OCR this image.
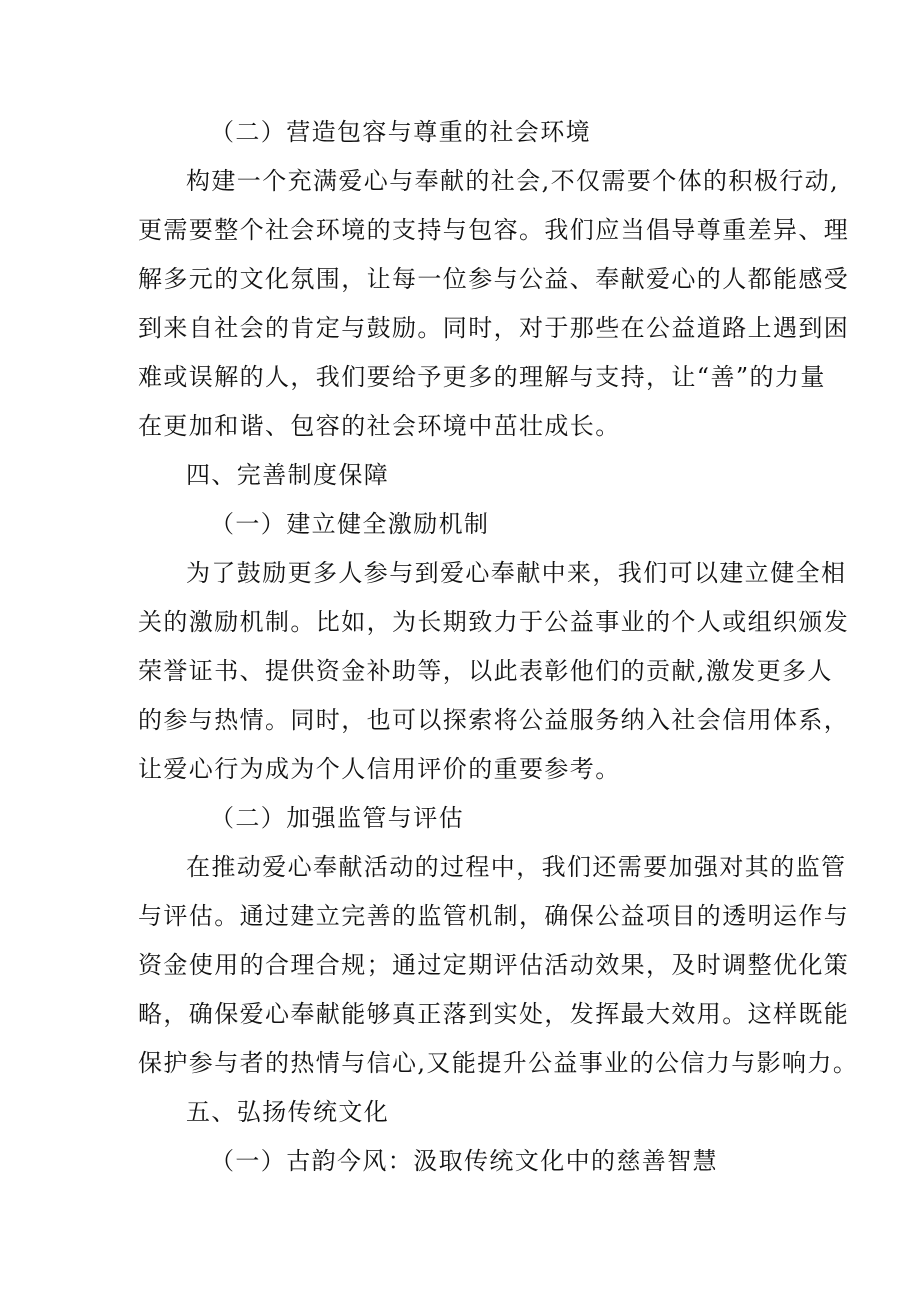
（二）营造包容与尊重的社会环境
构建一个充满爱心与奉献的社会,不仅需要个体的积极行动,
更需要整个社会环境的支持与包容。我们应当倡导尊重差异、理
解多元的文化氛围，让每一位参与公益、奉献爱心的人都能感受
到来自社会的肯定与鼓励。同时，对于那些在公益道路上遇到困
难或误解的人，我们要给予更多的理解与支持，让“善”的力量
在更加和谐、包容的社会环境中茁壮成长。
四、完善制度保障
（一）建立健全激励机制
为了鼓励更多人参与到爱心奉献中来，我们可以建立健全相
关的激励机制。比如，为长期致力于公益事业的个人或组织颁发
荣誉证书、提供资金补助等，以此表彰他们的贡献,激发更多人
的参与热情。同时，也可以探索将公益服务纳入社会信用体系，
让爱心行为成为个人信用评价的重要参考。
（二）加强监管与评估
在推动爱心奉献活动的过程中，我们还需要加强对其的监管
与评估。通过建立完善的监管机制，确保公益项目的透明运作与
资金使用的合理合规；通过定期评估活动效果，及时调整优化策
略，确保爱心奉献能够真正落到实处，发挥最大效用。这样既能
保护参与者的热情与信心,又能提升公益事业的公信力与影响力。
五、弘扬传统文化
（一）古韵今风：汲取传统文化中的慈善智慧
